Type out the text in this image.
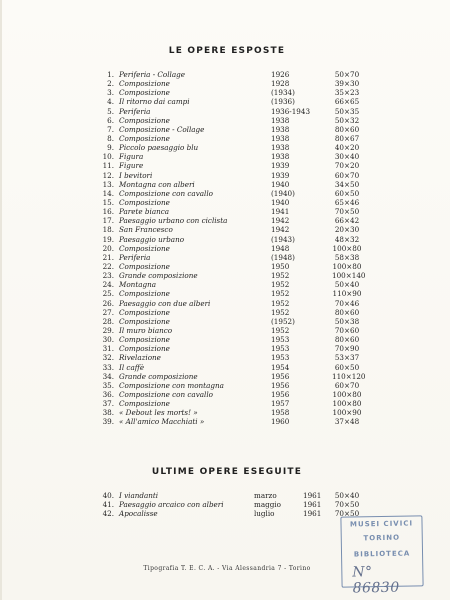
LE OPERE ESPOSTE
1. Periferia - Collage	1926	50×70
2. Composizione	1928	39×30
3. Composizione	(1934)	35×23
4. Il ritorno dai campi	(1936)	66×65
5. Periferia	1936-1943	50×35
6. Composizione	1938	50×32
7. Composizione - Collage	1938	80×60
8. Composizione	1938	80×67
9. Piccolo paesaggio blu	1938	40×20
10. Figura	1938	30×40
11. Figure	1939	70×20
12. I bevitori	1939	60×70
13. Montagna con alberi	1940	34×50
14. Composizione con cavallo	(1940)	60×50
15. Composizione	1940	65×46
16. Parete bianca	1941	70×50
17. Paesaggio urbano con ciclista	1942	66×42
18. San Francesco	1942	20×30
19. Paesaggio urbano	(1943)	48×32
20. Composizione	1948	100×80
21. Periferia	(1948)	58×38
22. Composizione	1950	100×80
23. Grande composizione	1952	100×140
24. Montagna	1952	50×40
25. Composizione	1952	110×90
26. Paesaggio con due alberi	1952	70×46
27. Composizione	1952	80×60
28. Composizione	(1952)	50×38
29. Il muro bianco	1952	70×60
30. Composizione	1953	80×60
31. Composizione	1953	70×90
32. Rivelazione	1953	53×37
33. Il caffè	1954	60×50
34. Grande composizione	1956	110×120
35. Composizione con montagna	1956	60×70
36. Composizione con cavallo	1956	100×80
37. Composizione	1957	100×80
38. « Debout les morts! »	1958	100×90
39. « All'amico Macchiati »	1960	37×48
ULTIME OPERE ESEGUITE
40. I viandanti	marzo	1961 50×40
41. Paesaggio arcaico con alberi	maggio	1961 70×50
42. Apocalisse	luglio	1961 70×50
Tipografia T. E. C. A. - Via Alessandria 7 - Torino
MUSEI CIVICI
TORINO
BIBLIOTECA
N° 86830
